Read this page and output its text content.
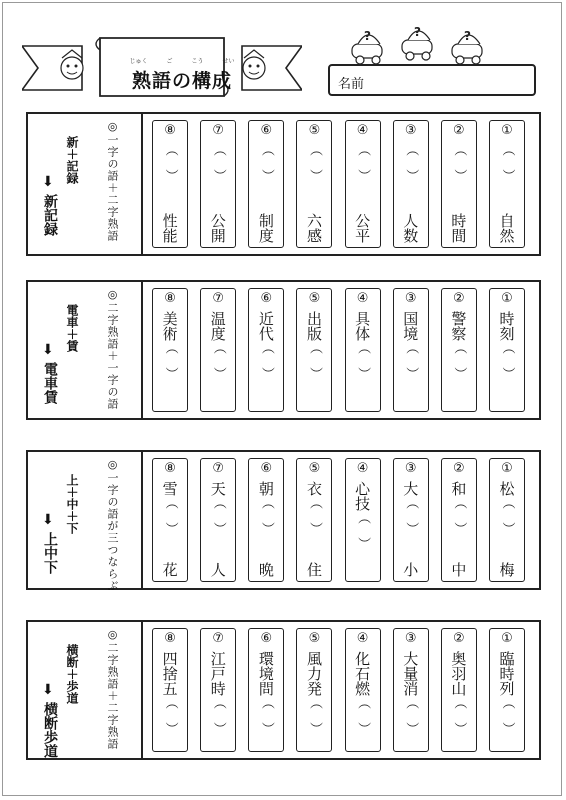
じゅく	ご	こう	せい
熟語の構成
?	?	?
名前
◎一字の語＋二字熟語
新＋記録
⬇
新記録
①
（　）
自然
②
（　）
時間
③
（　）
人数
④
（　）
公平
⑤
（　）
六感
⑥
（　）
制度
⑦
（　）
公開
⑧
（　）
性能
◎二字熟語＋一字の語
電車＋賃
⬇
電車賃
①
時刻
（　）
②
警察
（　）
③
国境
（　）
④
具体
（　）
⑤
出版
（　）
⑥
近代
（　）
⑦
温度
（　）
⑧
美術
（　）
◎一字の語が三つならぶ
上＋中＋下
⬇
上中下
①
松
（　）
梅
②
和
（　）
中
③
大
（　）
小
④
心技
（　）
⑤
衣
（　）
住
⑥
朝
（　）
晩
⑦
天
（　）
人
⑧
雪
（　）
花
◎二字熟語＋二字熟語
横断＋歩道
⬇
横断歩道
①
臨時列
（　）
②
奥羽山
（　）
③
大量消
（　）
④
化石燃
（　）
⑤
風力発
（　）
⑥
環境問
（　）
⑦
江戸時
（　）
⑧
四捨五
（　）
